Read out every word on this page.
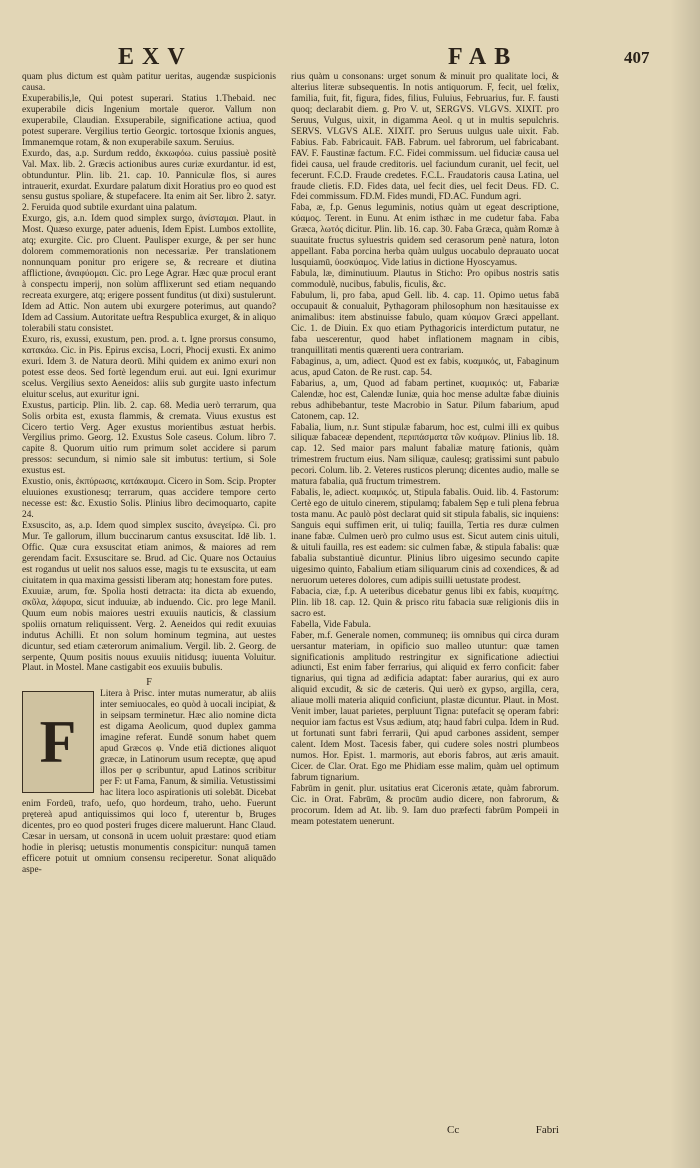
EXV	FAB	407

quam plus dictum est quàm patitur ueritas, augendæ suspicionis causa.

Exuperabilis,le, Qui potest superari. Statius 1.Thebaid. nec exuperabile dicis Ingenium mortale queror. Vallum non exuperabile, Claudian. Exsuperabile, significatione actiua, quod potest superare. Vergilius tertio Georgic. tortosque Ixionis angues, Immanemque rotam, & non exuperabile saxum. Seruius.

Exurdo, das, a.p. Surdum reddo, ἐκκωφόω. cuius passiuè positè Val. Max. lib. 2. Græcis actionibus aures curiæ exurdantur. id est, obtunduntur. Plin. lib. 21. cap. 10. Panniculæ flos, si aures intrauerit, exurdat. Exurdare palatum dixit Horatius pro eo quod est sensu gustus spoliare, & stupefacere. Ita enim ait Ser. libro 2. satyr. 2. Feruida quod subtile exurdant uina palatum.

Exurgo, gis, a.n. Idem quod simplex surgo, ἀνίσταμαι. Plaut. in Most. Quæso exurge, pater aduenis, Idem Epist. Lumbos extollite, atq; exurgite. Cic. pro Cluent. Paulisper exurge, & per ser hunc dolorem commemorationis non necessariæ. Per translationem nonnunquam ponitur pro erigere se, & recreare et diutina afflictione, ἀναφύομαι. Cic. pro Lege Agrar. Hæc quæ procul erant à conspectu imperij, non solùm afflixerunt sed etiam nequando recreata exurgere, atq; erigere possent funditus (ut dixi) sustulerunt. Idem ad Attic. Non autem ubi exurgere poterimus, aut quando? Idem ad Cassium. Autoritate ueftra Respublica exurget, & in aliquo tolerabili statu consistet.

Exuro, ris, exussi, exustum, pen. prod. a. t. Igne prorsus consumo, κατακάω. Cic. in Pis. Epirus excisa, Locri, Phocij exusti. Ex animo exuri. Idem 3. de Natura deorū. Mihi quidem ex animo exuri non potest esse deos. Sed fortè legendum erui. aut eui. Igni exurimur scelus. Vergilius sexto Aeneidos: aliis sub gurgite uasto infectum eluitur scelus, aut exuritur igni.

Exustus, particip. Plin. lib. 2. cap. 68. Media uerò terrarum, qua Solis orbita est, exusta flammis, & cremata. Viuus exustus est Cicero tertio Verg. Ager exustus morientibus æstuat herbis. Vergilius primo. Georg. 12. Exustus Sole caseus. Colum. libro 7. capite 8. Quorum uitio rum primum solet accidere si parum pressos: secundum, si nimio sale sit imbutus: tertium, si Sole exustus est.

Exustio, onis, ἐκπύρωσις, κατάκαυμα. Cicero in Som. Scip. Propter eluuiones exustionesq; terrarum, quas accidere tempore certo necesse est: &c. Exustio Solis. Plinius libro decimoquarto, capite 24.

Exsuscito, as, a.p. Idem quod simplex suscito, ἀνεγείρω. Ci. pro Mur. Te gallorum, illum buccinarum cantus exsuscitat. Idē lib. 1. Offic. Quæ cura exsuscitat etiam animos, & maiores ad rem gerendam facit. Exsuscitare se. Brud. ad Cic. Quare nos Octauius est rogandus ut uelit nos saluos esse, magis tu te exsuscita, ut eam ciuitatem in qua maxima gessisti liberam atq; honestam fore putes.

Exuuiæ, arum, fœ. Spolia hosti detracta: ita dicta ab exuendo, σκῦλα, λάφυρα, sicut induuiæ, ab induendo. Cic. pro lege Manil. Quum eum nobis maiores uestri exuuiis nauticis, & classium spoliis ornatum reliquissent. Verg. 2. Aeneidos qui redit exuuias indutus Achilli. Et non solum hominum tegmina, aut uestes dicuntur, sed etiam cæterorum animalium. Vergil. lib. 2. Georg. de serpente, Quum positis nouus exuuiis nitidusq; iuuenta Voluitur. Plaut. in Mostel. Mane castigabit eos exuuiis bubulis.

F

F

Litera à Prisc. inter mutas numeratur, ab aliis inter semiuocales, eo quòd à uocali incipiat, & in seipsam terminetur. Hæc alio nomine dicta est digama Aeolicum, quod duplex gamma imagine referat. Eundē sonum habet quem apud Græcos φ. Vnde etiā dictiones aliquot græcæ, in Latinorum usum receptæ, quę apud illos per φ scribuntur, apud Latinos scribitur per F: ut Fama, Fanum, & similia. Vetustissimi hac litera loco aspirationis uti solebāt. Dicebat enim Fordeū, trafo, uefo, quo hordeum, traho, ueho. Fuerunt prętereà apud antiquissimos qui loco f, uterentur b, Bruges dicentes, pro eo quod posteri fruges dicere maluerunt. Hanc Claud. Cæsar in uersam, ut consonā in ucem uoluit præstare: quod etiam hodie in plerisq; uetustis monumentis conspicitur: nunquā tamen efficere potuit ut omnium consensu reciperetur. Sonat aliquādo aspe-

rius quàm u consonans: urget sonum & minuit pro qualitate loci, & alterius literæ subsequentis. In notis antiquorum. F, fecit, uel fœlix, familia, fuit, fit, figura, fides, filius, Fuluius, Februarius, fur. F. fausti quoq; declarabit diem. g. Pro V. ut, SERGVS. VLGVS. XIXIT. pro Seruus, Vulgus, uixit, in digamma Aeol. q ut in multis sepulchris. SERVS. VLGVS ALE. XIXIT. pro Seruus uulgus uale uixit. Fab. Fabius. Fab. Fabricauit. FAB. Fabrum. uel fabrorum, uel fabricabant. FAV. F. Faustinæ factum. F.C. Fidei commissum. uel fiduciæ causa uel fidei causa, uel fraude creditoris. uel faciundum curanit, uel fecit, uel fecerunt. F.C.D. Fraude credetes. F.C.L. Fraudatoris causa Latina, uel fraude clietis. F.D. Fides data, uel fecit dies, uel fecit Deus. FD. C. Fdei commissum. FD.M. Fides mundi, FD.AC. Fundum agri.

Faba, æ, f.p. Genus leguminis, notius quàm ut egeat descriptione, κύαμος. Terent. in Eunu. At enim isthæc in me cudetur faba. Faba Græca, λωτός dicitur. Plin. lib. 16. cap. 30. Faba Græca, quàm Romæ à suauitate fructus syluestris quidem sed cerasorum penè natura, loton appellant. Faba porcina herba quàm uulgus uocabulo deprauato uocat lusquiamū, ὑοσκύαμος. Vide latius in dictione Hyoscyamus.

Fabula, læ, diminutiuum. Plautus in Sticho: Pro opibus nostris satis commodulè, nucibus, fabulis, ficulis, &c.

Fabulum, li, pro faba, apud Gell. lib. 4. cap. 11. Opimo uetus fabā occupauit & conualuit, Pythagoram philosophum non hæsitauisse ex animalibus: item abstinuisse fabulo, quam κύαμον Græci appellant. Cic. 1. de Diuin. Ex quo etiam Pythagoricis interdictum putatur, ne faba uescerentur, quod habet inflationem magnam in cibis, tranquillitati mentis quærenti uera contrariam.

Fabaginus, a, um, adiect. Quod est ex fabis, κυαμικός, ut, Fabaginum acus, apud Caton. de Re rust. cap. 54.

Fabarius, a, um, Quod ad fabam pertinet, κυαμικός: ut, Fabariæ Calendæ, hoc est, Calendæ Iuniæ, quia hoc mense adultæ fabæ diuinis rebus adhibebantur, teste Macrobio in Satur. Pilum fabarium, apud Catonem, cap. 12.

Fabalia, lium, n.r. Sunt stipulæ fabarum, hoc est, culmi illi ex quibus siliquæ fabaceæ dependent, περιπάσματα τῶν κυάμων. Plinius lib. 18. cap. 12. Sed maior pars malunt fabaliæ maturę fationis, quàm trimestrem fructum eius. Nam siliquæ, caulesq; gratissimi sunt pabulo pecori. Colum. lib. 2. Veteres rusticos plerunq; dicentes audio, malle se matura fabalia, quā fructum trimestrem.

Fabalis, le, adiect. κυαμικός. ut, Stipula fabalis. Ouid. lib. 4. Fastorum: Certè ego de uitulo cinerem, stipulamq; fabalem Sęp e tuli plena februa tosta manu. Ac paulò pòst declarat quid sit stipula fabalis, sic inquiens: Sanguis equi suffimen erit, ui tuliq; fauilla, Tertia res duræ culmen inane fabæ. Culmen uerò pro culmo usus est. Sicut autem cinis uituli, & uituli fauilla, res est eadem: sic culmen fabæ, & stipula fabalis: quæ fabalia substantiuè dicuntur. Plinius libro uigesimo secundo capite uigesimo quinto, Fabalium etiam siliquarum cinis ad coxendices, & ad neruorum ueteres dolores, cum adipis suilli uetustate prodest.

Fabacia, ciæ, f.p. A ueteribus dicebatur genus libi ex fabis, κυαμίτης. Plin. lib 18. cap. 12. Quin & prisco ritu fabacia suæ religionis diis in sacro est.

Fabella, Vide Fabula.

Faber, m.f. Generale nomen, communeq; iis omnibus qui circa duram uersantur materiam, in opificio suo malleo utuntur: quæ tamen significationis amplitudo restringitur ex significatione adiectiui adiuncti, Est enim faber ferrarius, qui aliquid ex ferro conficit: faber tignarius, qui tigna ad ædificia adaptat: faber aurarius, qui ex auro aliquid excudit, & sic de cæteris. Qui uerò ex gypso, argilla, cera, aliaue molli materia aliquid conficiunt, plastæ dicuntur. Plaut. in Most. Venit imber, lauat parietes, perpluunt Tigna: putefacit sę operam fabri: nequior iam factus est Vsus ædium, atq; haud fabri culpa. Idem in Rud. ut fortunati sunt fabri ferrarii, Qui apud carbones assident, semper calent. Idem Most. Tacesis faber, qui cudere soles nostri plumbeos numos. Hor. Epist. 1. marmoris, aut eboris fabros, aut æris amauit. Cicer. de Clar. Orat. Ego me Phidiam esse malim, quàm uel optimum fabrum tignarium.

Fabrūm in genit. plur. usitatius erat Ciceronis ætate, quàm fabrorum. Cic. in Orat. Fabrūm, & procūm audio dicere, non fabrorum, & procorum. Idem ad At. lib. 9. Iam duo præfecti fabrūm Pompeii in meam potestatem uenerunt.

Cc	Fabri
